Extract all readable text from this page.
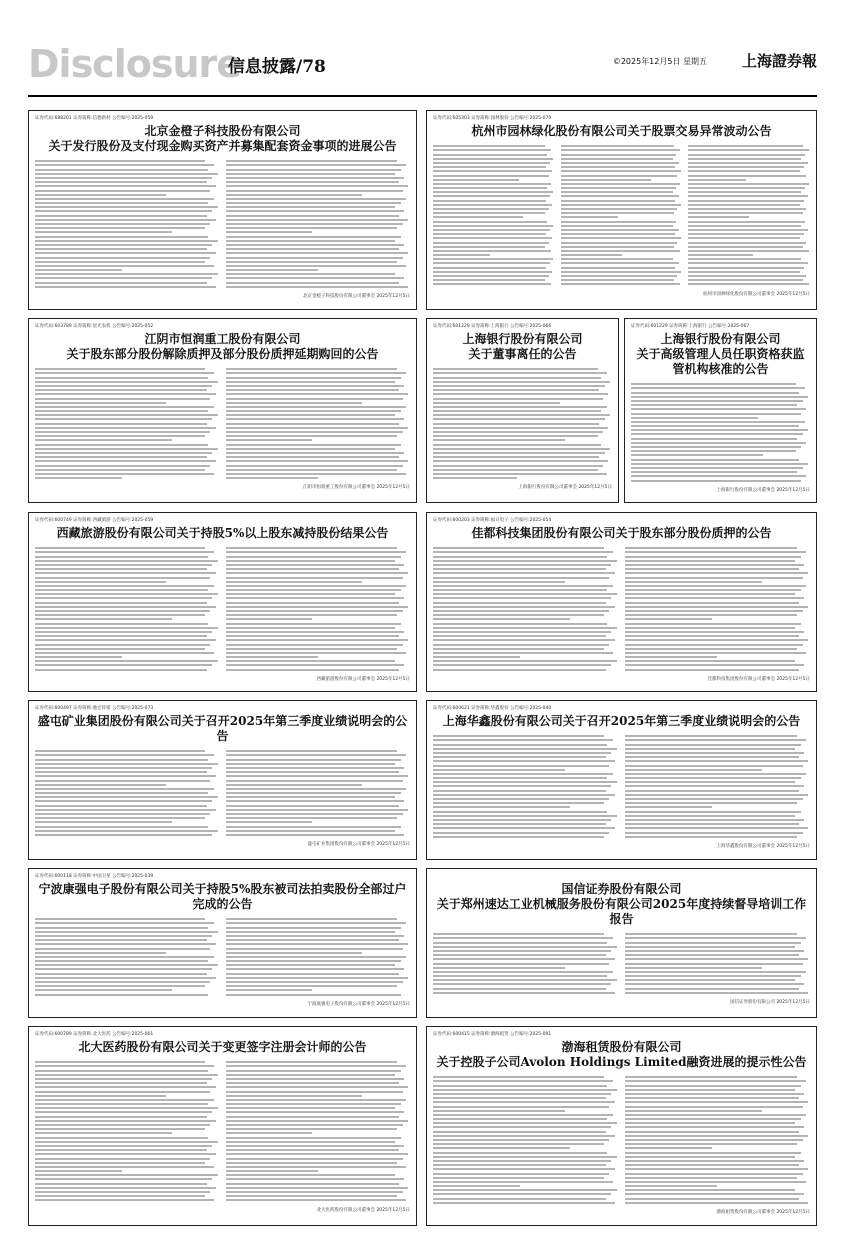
Disclosure
信息披露/78	©2025年12月5日 星期五 上海證券報
证券代码:688201 证券简称:信德新材 公告编号:2025-059
北京金橙子科技股份有限公司
关于发行股份及支付现金购买资产并募集配套资金事项的进展公告
北京金橙子科技股份有限公司董事会 2025年12月5日
证券代码:605303 证券简称:园林股份 公告编号:2025-070
杭州市园林绿化股份有限公司关于股票交易异常波动公告
杭州市园林绿化股份有限公司董事会 2025年12月5日
证券代码:603789 证券简称:星光农机 公告编号:2025-052
江阴市恒润重工股份有限公司
关于股东部分股份解除质押及部分股份质押延期购回的公告
江阴市恒润重工股份有限公司董事会 2025年12月5日
证券代码:601229 证券简称:上海银行 公告编号:2025-066
上海银行股份有限公司
关于董事离任的公告
上海银行股份有限公司董事会 2025年12月5日
证券代码:601229 证券简称:上海银行 公告编号:2025-067
上海银行股份有限公司
关于高级管理人员任职资格获监管机构核准的公告
上海银行股份有限公司董事会 2025年12月5日
证券代码:600749 证券简称:西藏旅游 公告编号:2025-059
西藏旅游股份有限公司关于持股5%以上股东减持股份结果公告
西藏旅游股份有限公司董事会 2025年12月5日
证券代码:600203 证券简称:福日电子 公告编号:2025-054
佳都科技集团股份有限公司关于股东部分股份质押的公告
佳都科技集团股份有限公司董事会 2025年12月5日
证券代码:600497 证券简称:驰宏锌锗 公告编号:2025-073
盛屯矿业集团股份有限公司关于召开2025年第三季度业绩说明会的公告
盛屯矿业集团股份有限公司董事会 2025年12月5日
证券代码:600621 证券简称:华鑫股份 公告编号:2025-040
上海华鑫股份有限公司关于召开2025年第三季度业绩说明会的公告
上海华鑫股份有限公司董事会 2025年12月5日
证券代码:600118 证券简称:中国卫星 公告编号:2025-039
宁波康强电子股份有限公司关于持股5%股东被司法拍卖股份全部过户完成的公告
宁波康强电子股份有限公司董事会 2025年12月5日
国信证券股份有限公司
关于郑州速达工业机械服务股份有限公司2025年度持续督导培训工作报告
国信证券股份有限公司 2025年12月5日
证券代码:600789 证券简称:北大医药 公告编号:2025-061
北大医药股份有限公司关于变更签字注册会计师的公告
北大医药股份有限公司董事会 2025年12月5日
证券代码:600415 证券简称:渤海租赁 公告编号:2025-091
渤海租赁股份有限公司
关于控股子公司Avolon Holdings Limited融资进展的提示性公告
渤海租赁股份有限公司董事会 2025年12月5日
